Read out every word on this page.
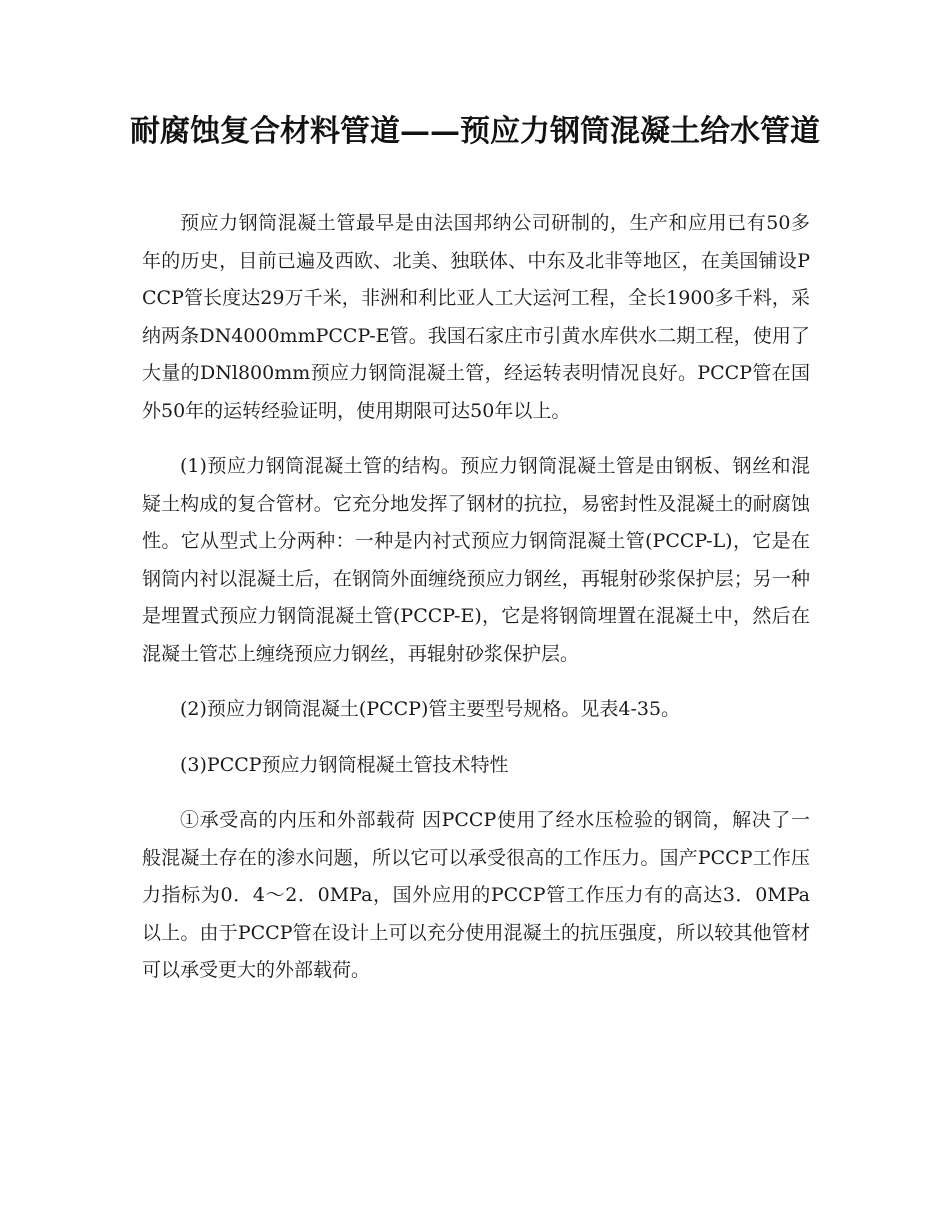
耐腐蚀复合材料管道——预应力钢筒混凝土给水管道

预应力钢筒混凝土管最早是由法国邦纳公司研制的，生产和应用已有50多年的历史，目前已遍及西欧、北美、独联体、中东及北非等地区，在美国铺设PCCP管长度达29万千米，非洲和利比亚人工大运河工程，全长1900多千料，采纳两条DN4000mmPCCP-E管。我国石家庄市引黄水库供水二期工程，使用了大量的DNl800mm预应力钢筒混凝土管，经运转表明情况良好。PCCP管在国外50年的运转经验证明，使用期限可达50年以上。

(1)预应力钢筒混凝土管的结构。预应力钢筒混凝土管是由钢板、钢丝和混疑土构成的复合管材。它充分地发挥了钢材的抗拉，易密封性及混凝土的耐腐蚀性。它从型式上分两种：一种是内衬式预应力钢筒混凝土管(PCCP-L)，它是在钢筒内衬以混凝土后，在钢筒外面缠绕预应力钢丝，再辊射砂浆保护层；另一种是埋置式预应力钢筒混凝土管(PCCP-E)，它是将钢筒埋置在混凝土中，然后在混凝土管芯上缠绕预应力钢丝，再辊射砂浆保护层。

(2)预应力钢筒混凝土(PCCP)管主要型号规格。见表4-35。

(3)PCCP预应力钢筒棍凝土管技术特性

①承受高的内压和外部载荷 因PCCP使用了经水压检验的钢筒，解决了一般混凝土存在的渗水问题，所以它可以承受很高的工作压力。国产PCCP工作压力指标为0．4～2．0MPa，国外应用的PCCP管工作压力有的高达3．0MPa以上。由于PCCP管在设计上可以充分使用混凝土的抗压强度，所以较其他管材可以承受更大的外部载荷。
